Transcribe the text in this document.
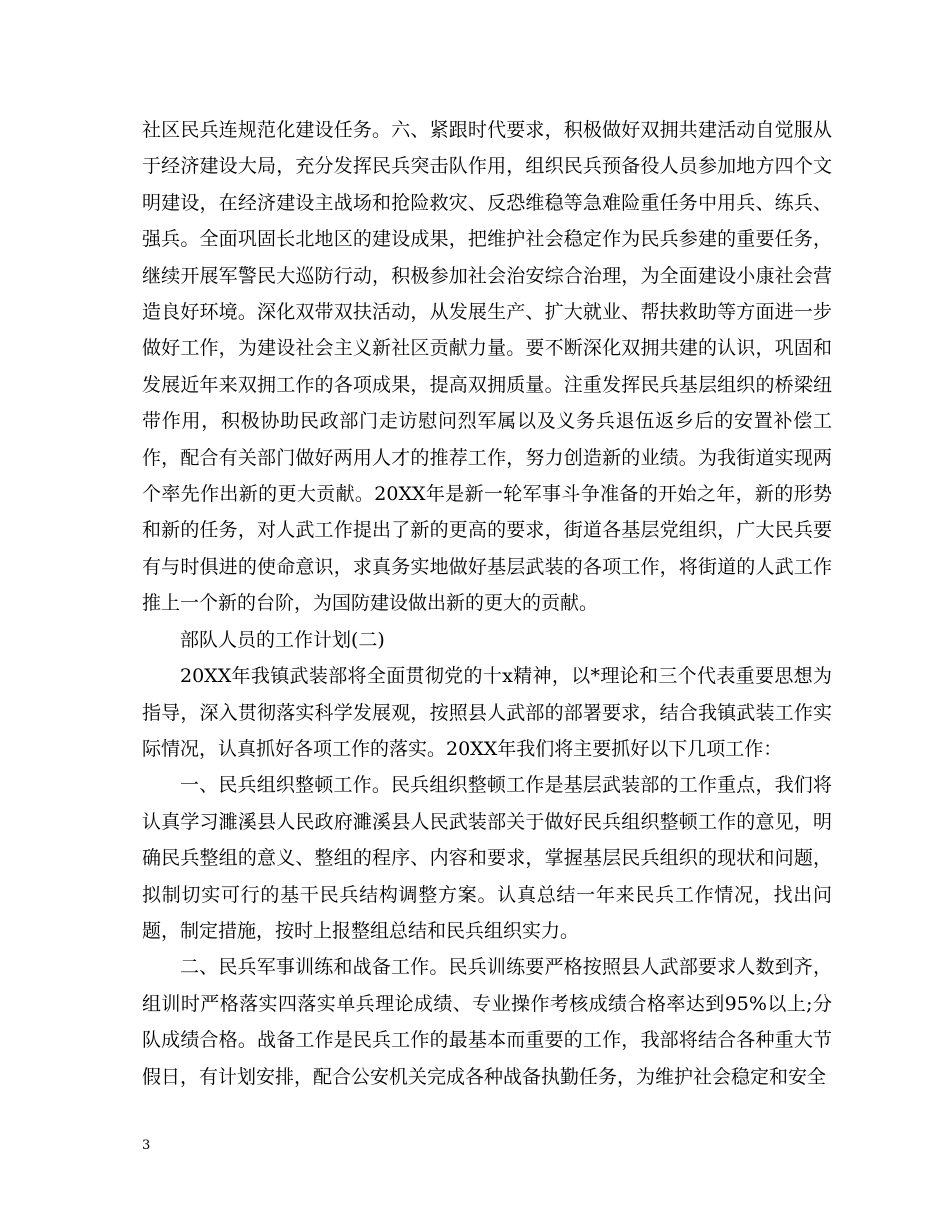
社区民兵连规范化建设任务。六、紧跟时代要求，积极做好双拥共建活动自觉服从于经济建设大局，充分发挥民兵突击队作用，组织民兵预备役人员参加地方四个文明建设，在经济建设主战场和抢险救灾、反恐维稳等急难险重任务中用兵、练兵、强兵。全面巩固长北地区的建设成果，把维护社会稳定作为民兵参建的重要任务，继续开展军警民大巡防行动，积极参加社会治安综合治理，为全面建设小康社会营造良好环境。深化双带双扶活动，从发展生产、扩大就业、帮扶救助等方面进一步做好工作，为建设社会主义新社区贡献力量。要不断深化双拥共建的认识，巩固和发展近年来双拥工作的各项成果，提高双拥质量。注重发挥民兵基层组织的桥梁纽带作用，积极协助民政部门走访慰问烈军属以及义务兵退伍返乡后的安置补偿工作，配合有关部门做好两用人才的推荐工作，努力创造新的业绩。为我街道实现两个率先作出新的更大贡献。20XX年是新一轮军事斗争准备的开始之年，新的形势和新的任务，对人武工作提出了新的更高的要求，街道各基层党组织，广大民兵要有与时俱进的使命意识，求真务实地做好基层武装的各项工作，将街道的人武工作推上一个新的台阶，为国防建设做出新的更大的贡献。

部队人员的工作计划(二)

20XX年我镇武装部将全面贯彻党的十x精神，以*理论和三个代表重要思想为指导，深入贯彻落实科学发展观，按照县人武部的部署要求，结合我镇武装工作实际情况，认真抓好各项工作的落实。20XX年我们将主要抓好以下几项工作：

一、民兵组织整顿工作。民兵组织整顿工作是基层武装部的工作重点，我们将认真学习濉溪县人民政府濉溪县人民武装部关于做好民兵组织整顿工作的意见，明确民兵整组的意义、整组的程序、内容和要求，掌握基层民兵组织的现状和问题，拟制切实可行的基干民兵结构调整方案。认真总结一年来民兵工作情况，找出问题，制定措施，按时上报整组总结和民兵组织实力。

二、民兵军事训练和战备工作。民兵训练要严格按照县人武部要求人数到齐，组训时严格落实四落实单兵理论成绩、专业操作考核成绩合格率达到95%以上;分队成绩合格。战备工作是民兵工作的最基本而重要的工作，我部将结合各种重大节假日，有计划安排，配合公安机关完成各种战备执勤任务，为维护社会稳定和安全

3
